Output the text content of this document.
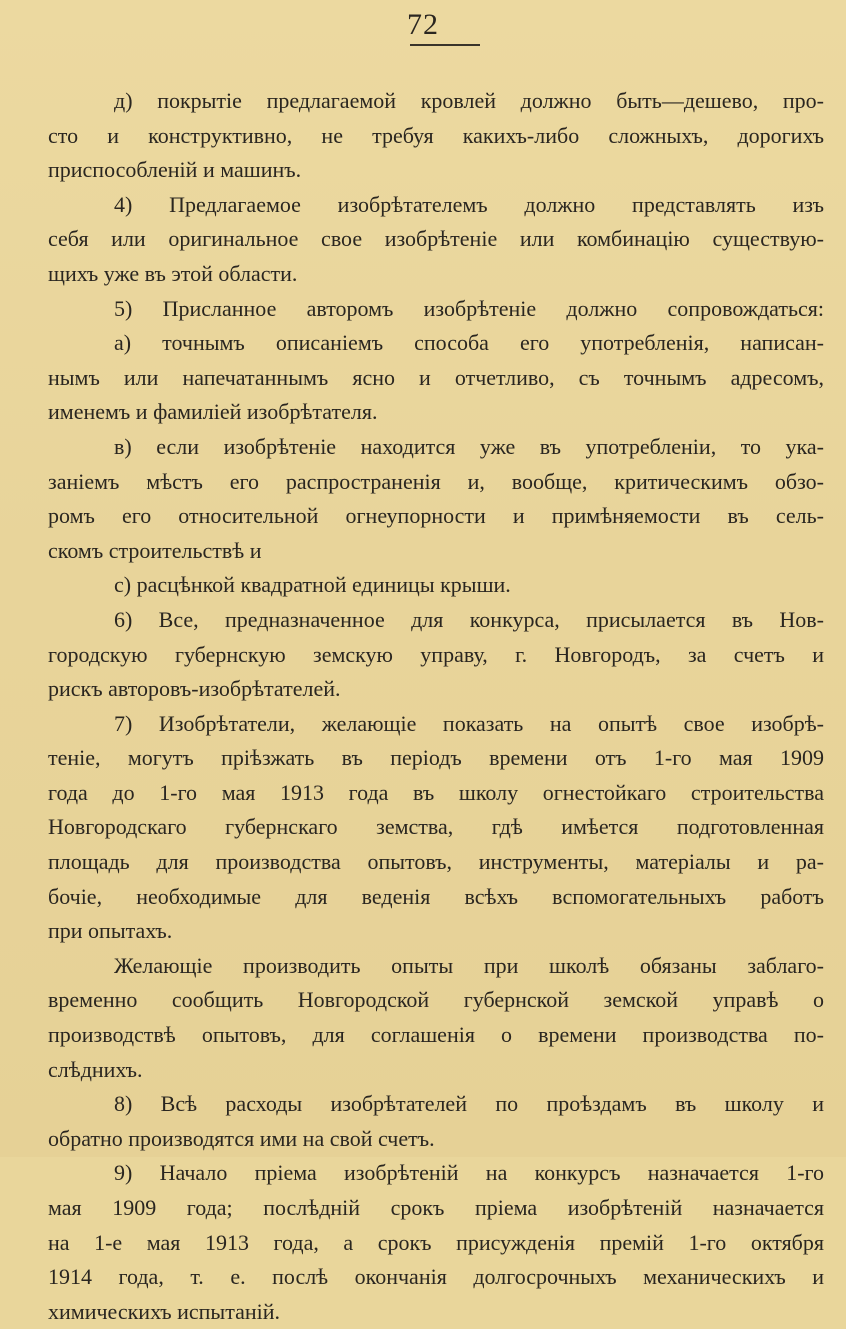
72
д) покрытіе предлагаемой кровлей должно быть—дешево, про-
сто и конструктивно, не требуя какихъ-либо сложныхъ, дорогихъ
приспособленій и машинъ.
4) Предлагаемое изобрѣтателемъ должно представлять изъ
себя или оригинальное свое изобрѣтеніе или комбинацію существую-
щихъ уже въ этой области.
5) Присланное авторомъ изобрѣтеніе должно сопровождаться:
а) точнымъ описаніемъ способа его употребленія, написан-
нымъ или напечатаннымъ ясно и отчетливо, съ точнымъ адресомъ,
именемъ и фамиліей изобрѣтателя.
в) если изобрѣтеніе находится уже въ употребленіи, то ука-
заніемъ мѣстъ его распространенія и, вообще, критическимъ обзо-
ромъ его относительной огнеупорности и примѣняемости въ сель-
скомъ строительствѣ и
с) расцѣнкой квадратной единицы крыши.
6) Все, предназначенное для конкурса, присылается въ Нов-
городскую губернскую земскую управу, г. Новгородъ, за счетъ и
рискъ авторовъ-изобрѣтателей.
7) Изобрѣтатели, желающіе показать на опытѣ свое изобрѣ-
теніе, могутъ пріѣзжать въ періодъ времени отъ 1-го мая 1909
года до 1-го мая 1913 года въ школу огнестойкаго строительства
Новгородскаго губернскаго земства, гдѣ имѣется подготовленная
площадь для производства опытовъ, инструменты, матеріалы и ра-
бочіе, необходимые для веденія всѣхъ вспомогательныхъ работъ
при опытахъ.
Желающіе производить опыты при школѣ обязаны заблаго-
временно сообщить Новгородской губернской земской управѣ о
производствѣ опытовъ, для соглашенія о времени производства по-
слѣднихъ.
8) Всѣ расходы изобрѣтателей по проѣздамъ въ школу и
обратно производятся ими на свой счетъ.
9) Начало пріема изобрѣтеній на конкурсъ назначается 1-го
мая 1909 года; послѣдній срокъ пріема изобрѣтеній назначается
на 1-е мая 1913 года, а срокъ присужденія премій 1-го октября
1914 года, т. е. послѣ окончанія долгосрочныхъ механическихъ и
химическихъ испытаній.
